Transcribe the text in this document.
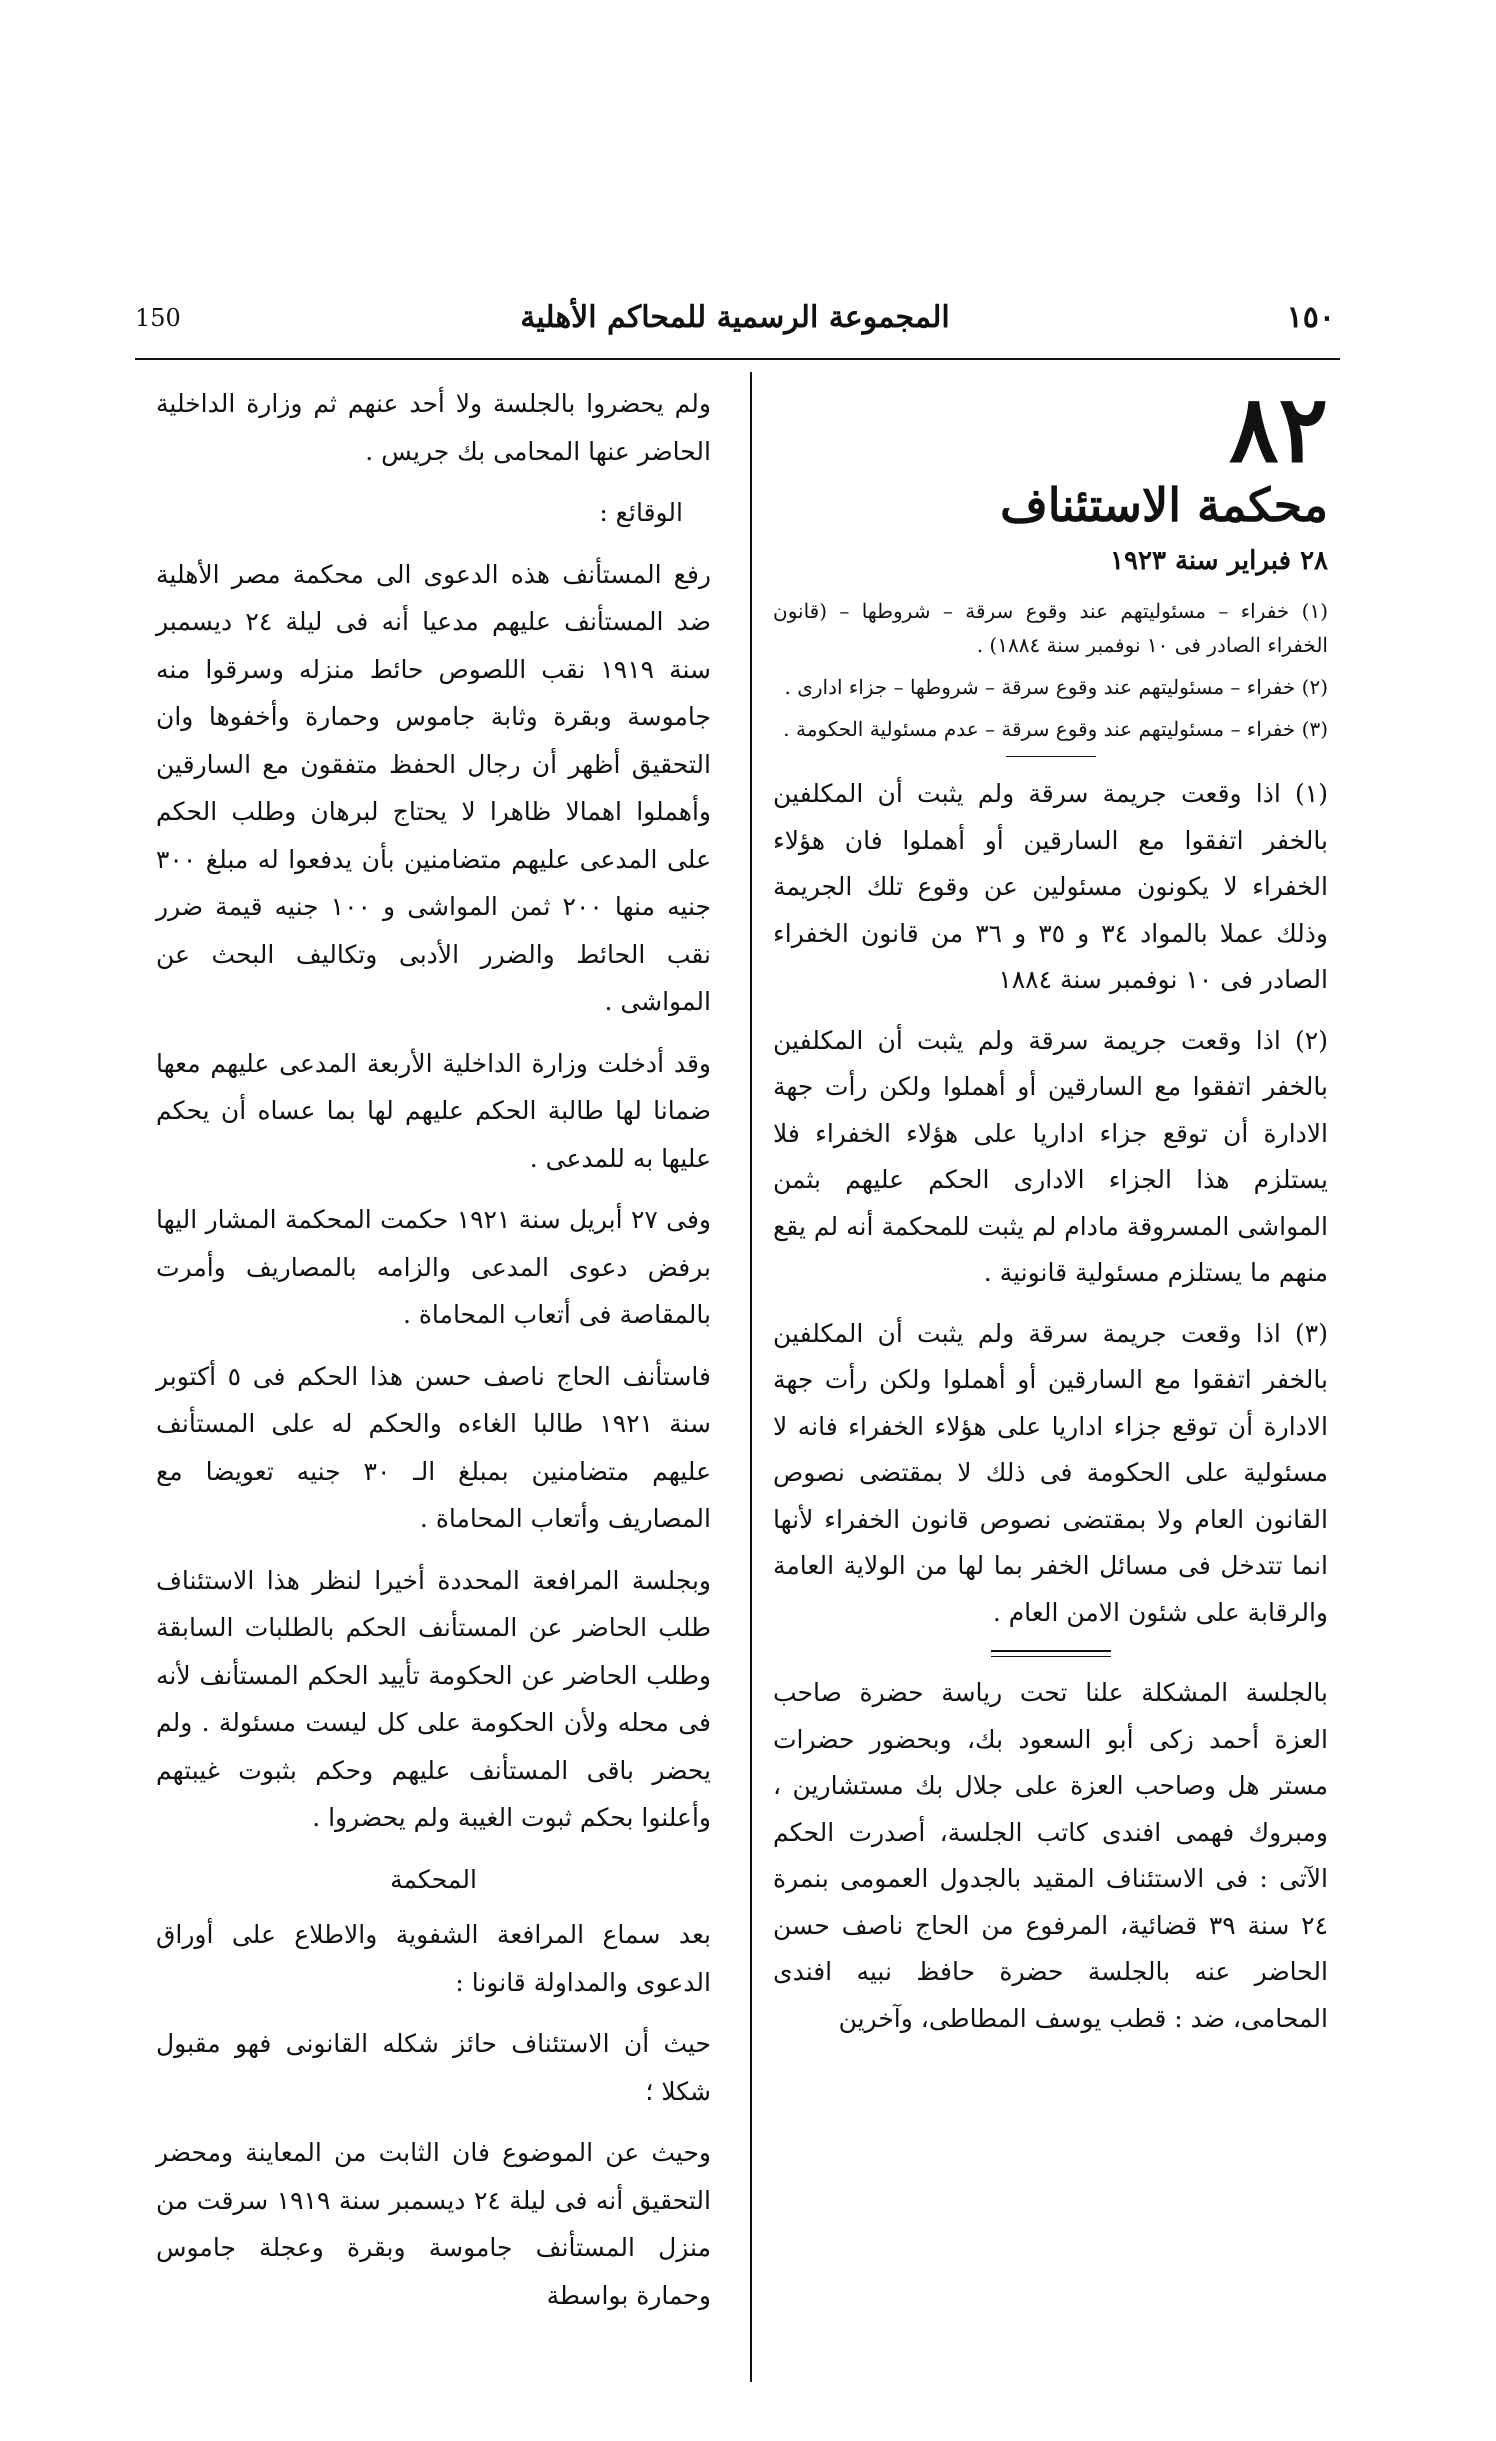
١٥٠
المجموعة الرسمية للمحاكم الأهلية
150
٨٢
محكمة الاستئناف
٢٨ فبراير سنة ١٩٢٣

(١) خفراء – مسئوليتهم عند وقوع سرقة – شروطها – (قانون الخفراء الصادر فى ١٠ نوفمبر سنة ١٨٨٤) .

(٢) خفراء – مسئوليتهم عند وقوع سرقة – شروطها – جزاء ادارى .

(٣) خفراء – مسئوليتهم عند وقوع سرقة – عدم مسئولية الحكومة .

(١) اذا وقعت جريمة سرقة ولم يثبت أن المكلفين بالخفر اتفقوا مع السارقين أو أهملوا فان هؤلاء الخفراء لا يكونون مسئولين عن وقوع تلك الجريمة وذلك عملا بالمواد ٣٤ و ٣٥ و ٣٦ من قانون الخفراء الصادر فى ١٠ نوفمبر سنة ١٨٨٤

(٢) اذا وقعت جريمة سرقة ولم يثبت أن المكلفين بالخفر اتفقوا مع السارقين أو أهملوا ولكن رأت جهة الادارة أن توقع جزاء اداريا على هؤلاء الخفراء فلا يستلزم هذا الجزاء الادارى الحكم عليهم بثمن المواشى المسروقة مادام لم يثبت للمحكمة أنه لم يقع منهم ما يستلزم مسئولية قانونية .

(٣) اذا وقعت جريمة سرقة ولم يثبت أن المكلفين بالخفر اتفقوا مع السارقين أو أهملوا ولكن رأت جهة الادارة أن توقع جزاء اداريا على هؤلاء الخفراء فانه لا مسئولية على الحكومة فى ذلك لا بمقتضى نصوص القانون العام ولا بمقتضى نصوص قانون الخفراء لأنها انما تتدخل فى مسائل الخفر بما لها من الولاية العامة والرقابة على شئون الامن العام .

بالجلسة المشكلة علنا تحت رياسة حضرة صاحب العزة أحمد زكى أبو السعود بك، وبحضور حضرات مستر هل وصاحب العزة على جلال بك مستشارين ، ومبروك فهمى افندى كاتب الجلسة، أصدرت الحكم الآتى : فى الاستئناف المقيد بالجدول العمومى بنمرة ٢٤ سنة ٣٩ قضائية، المرفوع من الحاج ناصف حسن الحاضر عنه بالجلسة حضرة حافظ نبيه افندى المحامى، ضد : قطب يوسف المطاطى، وآخرين

ولم يحضروا بالجلسة ولا أحد عنهم ثم وزارة الداخلية الحاضر عنها المحامى بك جريس .

الوقائع :

رفع المستأنف هذه الدعوى الى محكمة مصر الأهلية ضد المستأنف عليهم مدعيا أنه فى ليلة ٢٤ ديسمبر سنة ١٩١٩ نقب اللصوص حائط منزله وسرقوا منه جاموسة وبقرة وثابة جاموس وحمارة وأخفوها وان التحقيق أظهر أن رجال الحفظ متفقون مع السارقين وأهملوا اهمالا ظاهرا لا يحتاج لبرهان وطلب الحكم على المدعى عليهم متضامنين بأن يدفعوا له مبلغ ٣٠٠ جنيه منها ٢٠٠ ثمن المواشى و ١٠٠ جنيه قيمة ضرر نقب الحائط والضرر الأدبى وتكاليف البحث عن المواشى .

وقد أدخلت وزارة الداخلية الأربعة المدعى عليهم معها ضمانا لها طالبة الحكم عليهم لها بما عساه أن يحكم عليها به للمدعى .

وفى ٢٧ أبريل سنة ١٩٢١ حكمت المحكمة المشار اليها برفض دعوى المدعى والزامه بالمصاريف وأمرت بالمقاصة فى أتعاب المحاماة .

فاستأنف الحاج ناصف حسن هذا الحكم فى ٥ أكتوبر سنة ١٩٢١ طالبا الغاءه والحكم له على المستأنف عليهم متضامنين بمبلغ الـ ٣٠ جنيه تعويضا مع المصاريف وأتعاب المحاماة .

وبجلسة المرافعة المحددة أخيرا لنظر هذا الاستئناف طلب الحاضر عن المستأنف الحكم بالطلبات السابقة وطلب الحاضر عن الحكومة تأييد الحكم المستأنف لأنه فى محله ولأن الحكومة على كل ليست مسئولة . ولم يحضر باقى المستأنف عليهم وحكم بثبوت غيبتهم وأعلنوا بحكم ثبوت الغيبة ولم يحضروا .

المحكمة

بعد سماع المرافعة الشفوية والاطلاع على أوراق الدعوى والمداولة قانونا :

حيث أن الاستئناف حائز شكله القانونى فهو مقبول شكلا ؛

وحيث عن الموضوع فان الثابت من المعاينة ومحضر التحقيق أنه فى ليلة ٢٤ ديسمبر سنة ١٩١٩ سرقت من منزل المستأنف جاموسة وبقرة وعجلة جاموس وحمارة بواسطة
